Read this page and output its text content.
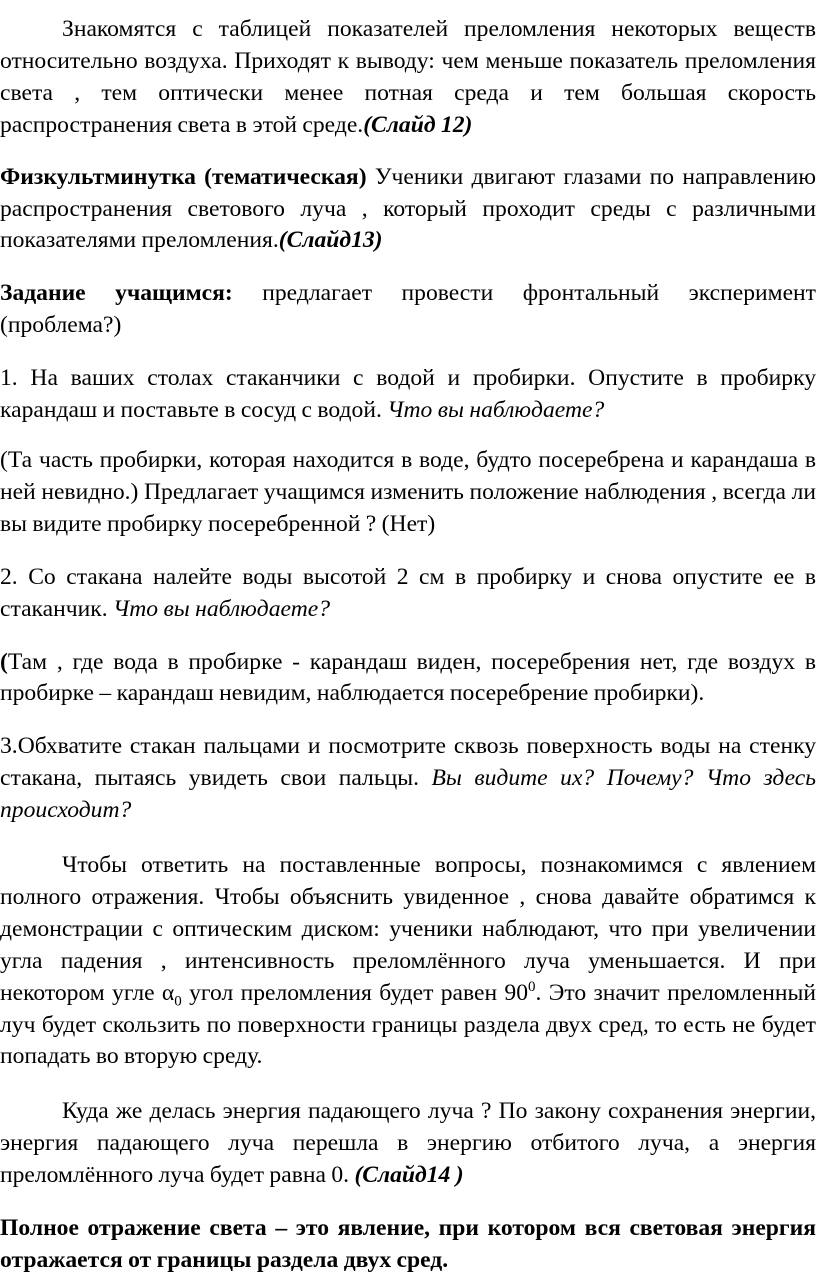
Знакомятся с таблицей показателей преломления некоторых веществ относительно воздуха. Приходят к выводу: чем меньше показатель преломления света , тем оптически менее потная среда и тем большая скорость распространения света в этой среде.(Слайд 12)

Физкультминутка (тематическая) Ученики двигают глазами по направлению распространения светового луча , который проходит среды с различными показателями преломления.(Слайд13)

Задание учащимся: предлагает провести фронтальный эксперимент (проблема?)

1. На ваших столах стаканчики с водой и пробирки. Опустите в пробирку карандаш и поставьте в сосуд с водой. Что вы наблюдаете?

(Та часть пробирки, которая находится в воде, будто посеребрена и карандаша в ней невидно.) Предлагает учащимся изменить положение наблюдения , всегда ли вы видите пробирку посеребренной ? (Нет)

2. Со стакана налейте воды высотой 2 см в пробирку и снова опустите ее в стаканчик. Что вы наблюдаете?

(Там , где вода в пробирке - карандаш виден, посеребрения нет, где воздух в пробирке – карандаш невидим, наблюдается посеребрение пробирки).

3.Обхватите стакан пальцами и посмотрите сквозь поверхность воды на стенку стакана, пытаясь увидеть свои пальцы. Вы видите их? Почему? Что здесь происходит?

Чтобы ответить на поставленные вопросы, познакомимся с явлением полного отражения. Чтобы объяснить увиденное , снова давайте обратимся к демонстрации с оптическим диском: ученики наблюдают, что при увеличении угла падения , интенсивность преломлённого луча уменьшается. И при некотором угле $\alpha_0$ угол преломления будет равен $90^0$. Это значит преломленный луч будет скользить по поверхности границы раздела двух сред, то есть не будет попадать во вторую среду.

Куда же делась энергия падающего луча ? По закону сохранения энергии, энергия падающего луча перешла в энергию отбитого луча, а энергия преломлённого луча будет равна 0. (Слайд14 )

Полное отражение света – это явление, при котором вся световая энергия отражается от границы раздела двух сред.
